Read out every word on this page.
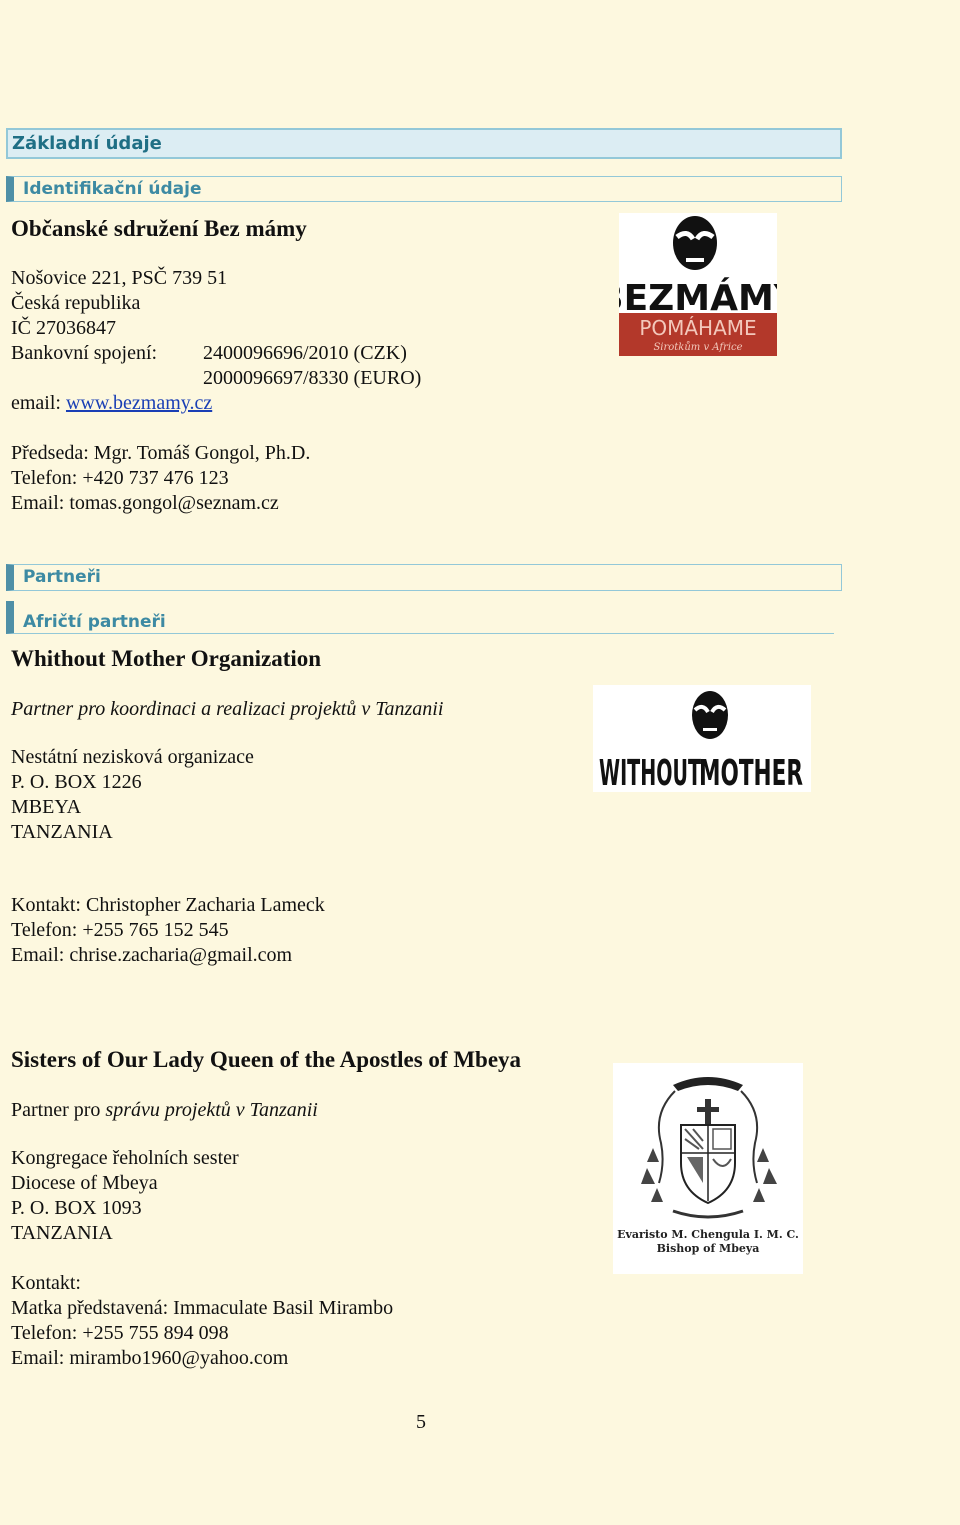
Základní údaje
Identifikační údaje
Občanské sdružení Bez mámy
Nošovice 221, PSČ 739 51
Česká republika
IČ 27036847
Bankovní spojení: 2400096696/2010 (CZK)
2000096697/8330 (EURO)
email: www.bezmamy.cz
Předseda: Mgr. Tomáš Gongol, Ph.D.
Telefon: +420 737 476 123
Email: tomas.gongol@seznam.cz
EZMÁM
POMÁHAME
Sirotkům v Africe
Partneři
Afričtí partneři
Whithout Mother Organization
Partner pro koordinaci a realizaci projektů v Tanzanii
Nestátní nezisková organizace
P. O. BOX 1226
MBEYA
TANZANIA
Kontakt: Christopher Zacharia Lameck
Telefon: +255 765 152 545
Email: chrise.zacharia@gmail.com
WITHOUT
MOTHER
Sisters of Our Lady Queen of the Apostles of Mbeya
Partner pro správu projektů v Tanzanii
Kongregace řeholních sester
Diocese of Mbeya
P. O. BOX 1093
TANZANIA
Kontakt:
Matka představená: Immaculate Basil Mirambo
Telefon: +255 755 894 098
Email: mirambo1960@yahoo.com
Evaristo M. Chengula I. M. C.
Bishop of Mbeya
5
